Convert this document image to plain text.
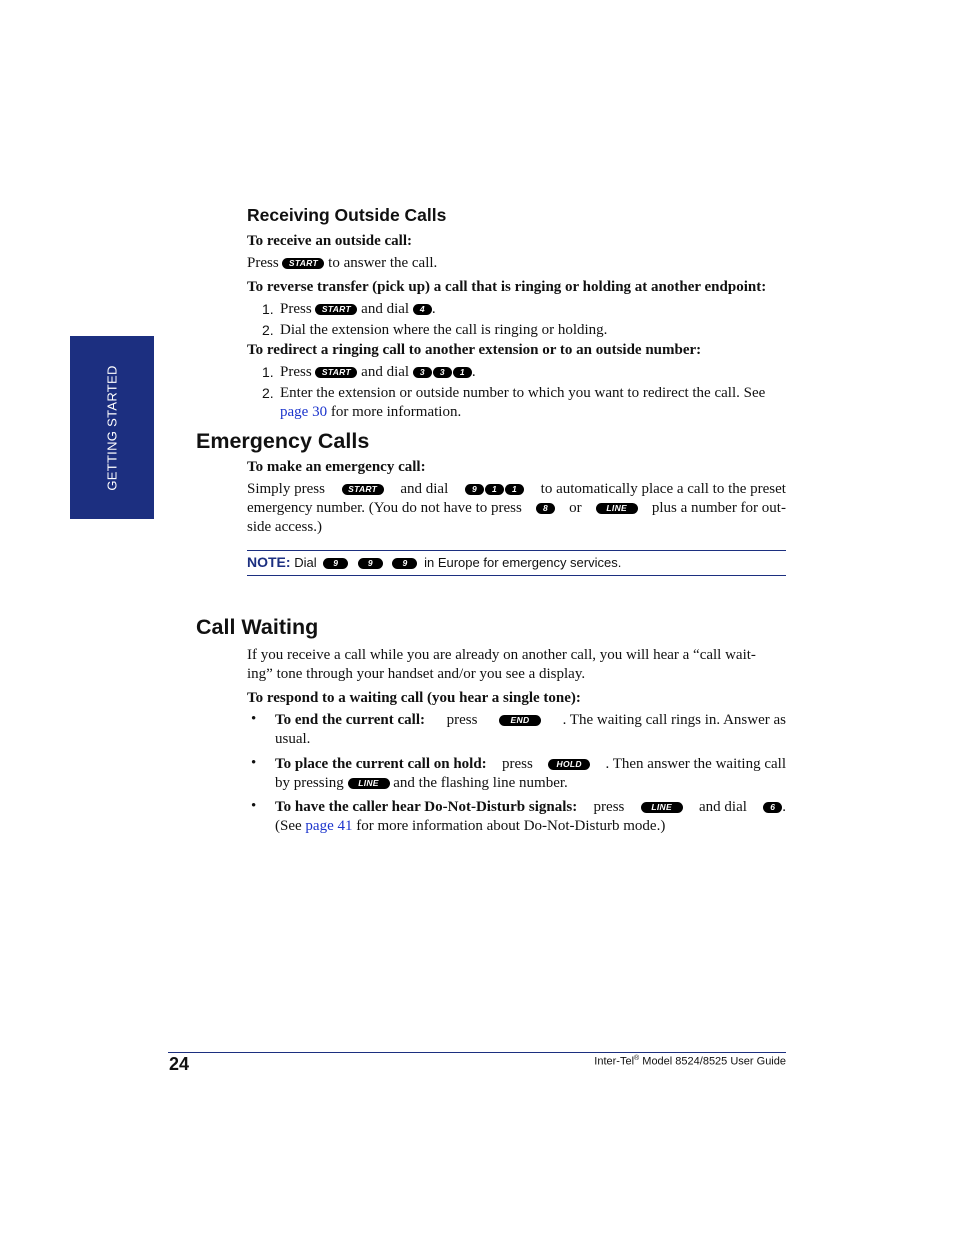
GETTING STARTED
Receiving Outside Calls
To receive an outside call:
Press START to answer the call.
To reverse transfer (pick up) a call that is ringing or holding at another endpoint:
1. Press START and dial 4 .
2. Dial the extension where the call is ringing or holding.
To redirect a ringing call to another extension or to an outside number:
1. Press START and dial 3 3 1 .
2. Enter the extension or outside number to which you want to redirect the call. See
page 30 for more information.
Emergency Calls
To make an emergency call:
Simply press	START	and dial	9 1 1	to automatically place a call to the preset
emergency number. (You do not have to press	8	or	LINE	plus a number for out-
side access.)
NOTE: Dial 9	9	9 in Europe for emergency services.
Call Waiting
If you receive a call while you are already on another call, you will hear a “call wait-
ing” tone through your handset and/or you see a display.
To respond to a waiting call (you hear a single tone):
• To end the current call: press	END	. The waiting call rings in. Answer as
usual.
• To place the current call on hold: press	HOLD	. Then answer the waiting call
by pressing LINE and the flashing line number.
• To have the caller hear Do-Not-Disturb signals: press	LINE	and dial	6 .
(See page 41 for more information about Do-Not-Disturb mode.)
24	Inter-Tel® Model 8524/8525 User Guide
